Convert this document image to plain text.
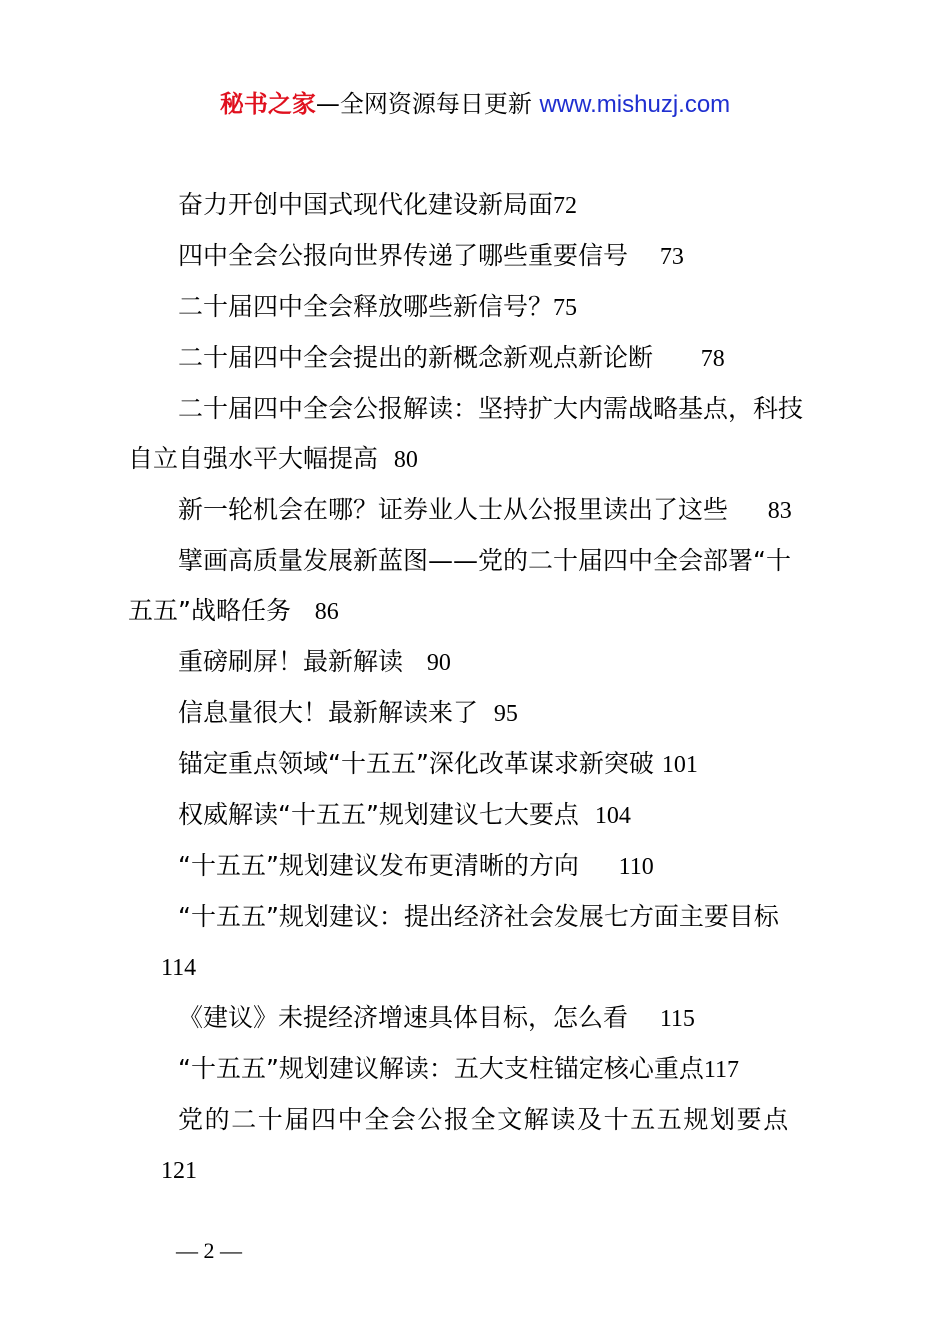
秘书之家—全网资源每日更新 www.mishuzj.com

奋力开创中国式现代化建设新局面72

四中全会公报向世界传递了哪些重要信号 73

二十届四中全会释放哪些新信号？75

二十届四中全会提出的新概念新观点新论断 78

二十届四中全会公报解读：坚持扩大内需战略基点，科技

自立自强水平大幅提高 80

新一轮机会在哪？证券业人士从公报里读出了这些 83

擘画高质量发展新蓝图——党的二十届四中全会部署“十

五五”战略任务 86

重磅刷屏！最新解读 90

信息量很大！最新解读来了 95

锚定重点领域“十五五”深化改革谋求新突破 101

权威解读“十五五”规划建议七大要点 104

“十五五”规划建议发布更清晰的方向 110

“十五五”规划建议：提出经济社会发展七方面主要目标

114

《建议》未提经济增速具体目标，怎么看 115

“十五五”规划建议解读：五大支柱锚定核心重点117

党的二十届四中全会公报全文解读及十五五规划要点

121

— 2 —
